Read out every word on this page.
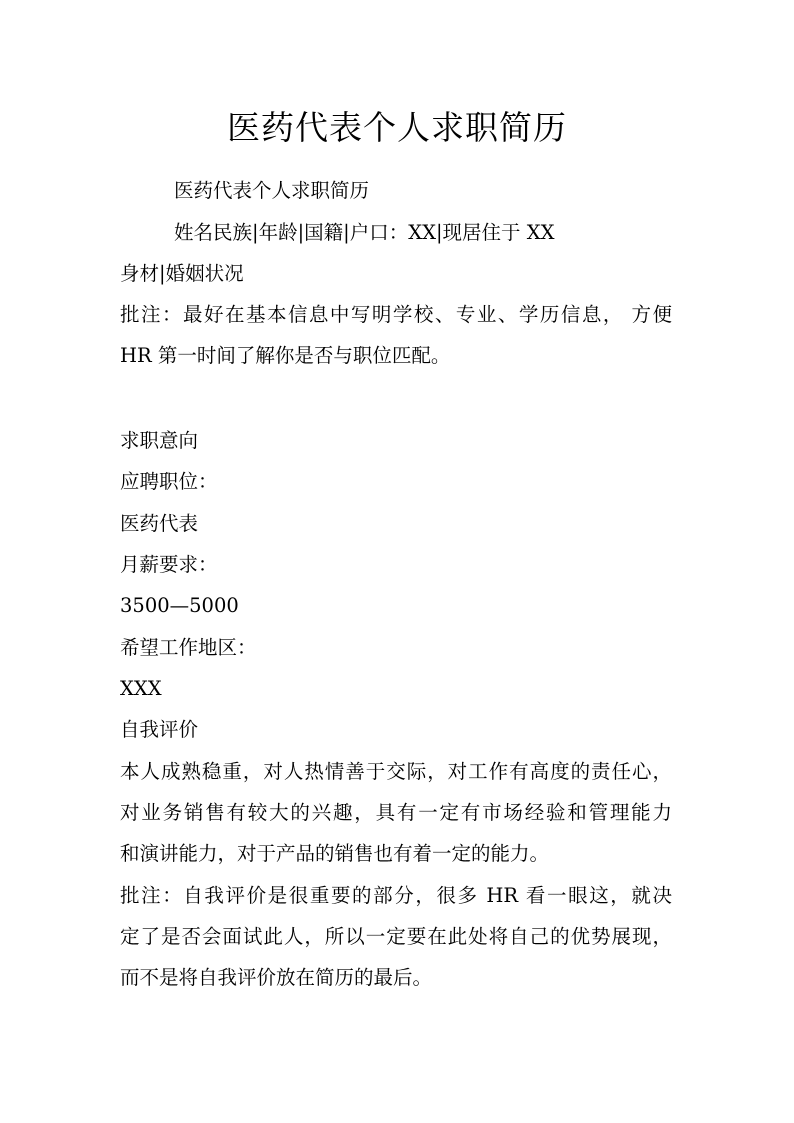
医药代表个人求职简历
医药代表个人求职简历
姓名民族|年龄|国籍|户口：XX|现居住于 XX
身材|婚姻状况
批注：最好在基本信息中写明学校、专业、学历信息， 方便
HR 第一时间了解你是否与职位匹配。
求职意向
应聘职位：
医药代表
月薪要求：
3500—5000
希望工作地区：
XXX
自我评价
本人成熟稳重，对人热情善于交际，对工作有高度的责任心，
对业务销售有较大的兴趣，具有一定有市场经验和管理能力
和演讲能力，对于产品的销售也有着一定的能力。
批注：自我评价是很重要的部分，很多 HR 看一眼这，就决
定了是否会面试此人，所以一定要在此处将自己的优势展现，
而不是将自我评价放在简历的最后。
